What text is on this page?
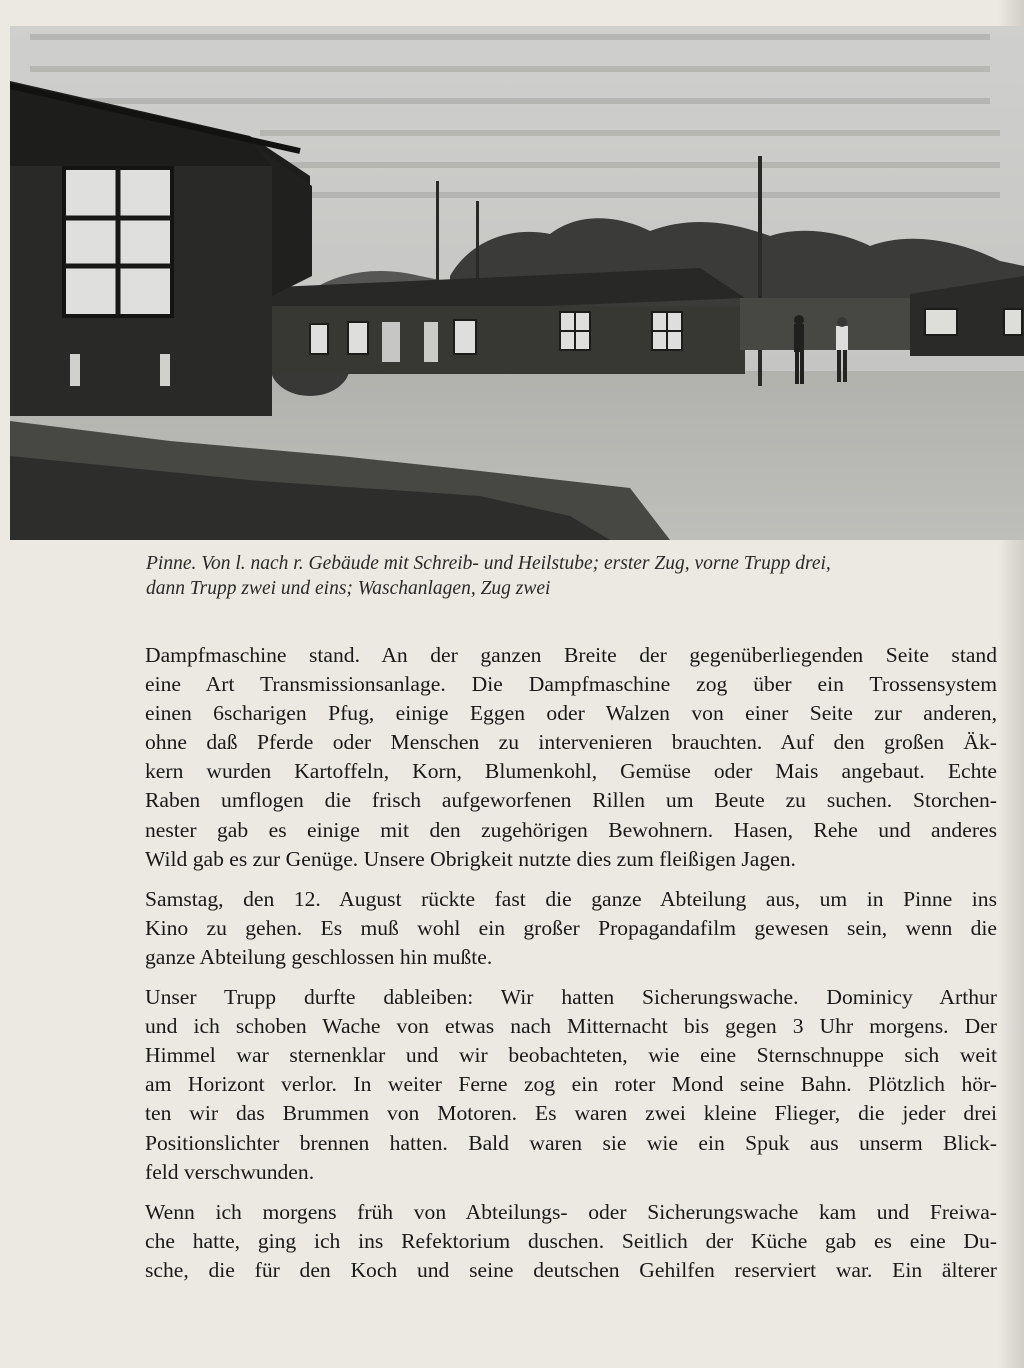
Pinne. Von l. nach r. Gebäude mit Schreib- und Heilstube; erster Zug, vorne Trupp drei,

dann Trupp zwei und eins; Waschanlagen, Zug zwei

Dampfmaschine stand. An der ganzen Breite der gegenüberliegenden Seite stand
eine Art Transmissionsanlage. Die Dampfmaschine zog über ein Trossensystem
einen 6scharigen Pfug, einige Eggen oder Walzen von einer Seite zur anderen,
ohne daß Pferde oder Menschen zu intervenieren brauchten. Auf den großen Äk-
kern wurden Kartoffeln, Korn, Blumenkohl, Gemüse oder Mais angebaut. Echte
Raben umflogen die frisch aufgeworfenen Rillen um Beute zu suchen. Storchen-
nester gab es einige mit den zugehörigen Bewohnern. Hasen, Rehe und anderes
Wild gab es zur Genüge. Unsere Obrigkeit nutzte dies zum fleißigen Jagen.

Samstag, den 12. August rückte fast die ganze Abteilung aus, um in Pinne ins
Kino zu gehen. Es muß wohl ein großer Propagandafilm gewesen sein, wenn die
ganze Abteilung geschlossen hin mußte.

Unser Trupp durfte dableiben: Wir hatten Sicherungswache. Dominicy Arthur
und ich schoben Wache von etwas nach Mitternacht bis gegen 3 Uhr morgens. Der
Himmel war sternenklar und wir beobachteten, wie eine Sternschnuppe sich weit
am Horizont verlor. In weiter Ferne zog ein roter Mond seine Bahn. Plötzlich hör-
ten wir das Brummen von Motoren. Es waren zwei kleine Flieger, die jeder drei
Positionslichter brennen hatten. Bald waren sie wie ein Spuk aus unserm Blick-
feld verschwunden.

Wenn ich morgens früh von Abteilungs- oder Sicherungswache kam und Freiwa-
che hatte, ging ich ins Refektorium duschen. Seitlich der Küche gab es eine Du-
sche, die für den Koch und seine deutschen Gehilfen reserviert war. Ein älterer
